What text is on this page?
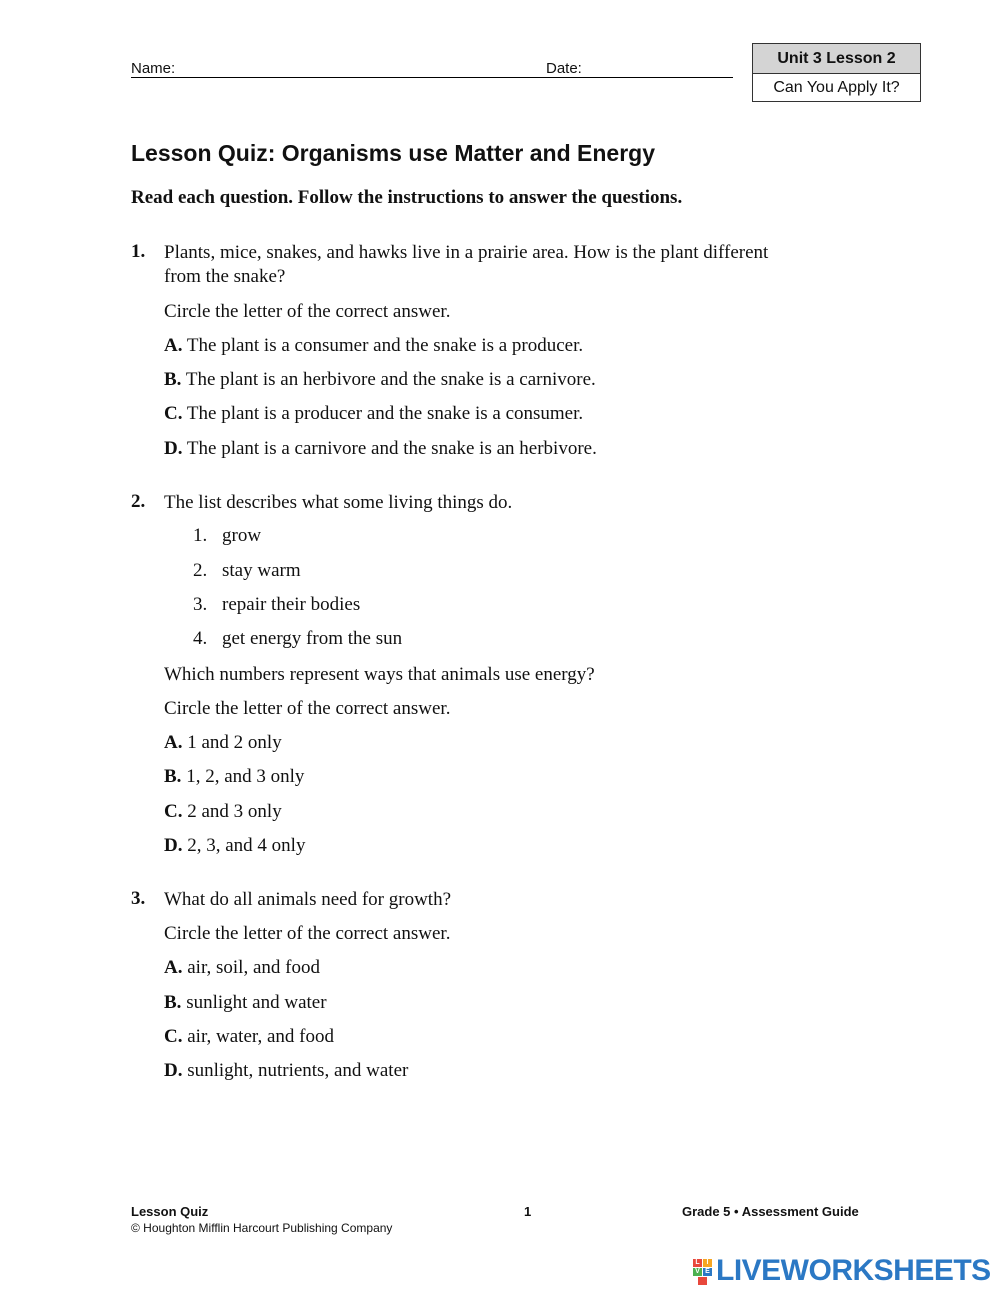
Name:	Date:
Unit 3 Lesson 2
Can You Apply It?
Lesson Quiz: Organisms use Matter and Energy
Read each question. Follow the instructions to answer the questions.
1. Plants, mice, snakes, and hawks live in a prairie area. How is the plant different
from the snake?
Circle the letter of the correct answer.
A. The plant is a consumer and the snake is a producer.
B. The plant is an herbivore and the snake is a carnivore.
C. The plant is a producer and the snake is a consumer.
D. The plant is a carnivore and the snake is an herbivore.
2. The list describes what some living things do.
1. grow
2. stay warm
3. repair their bodies
4. get energy from the sun
Which numbers represent ways that animals use energy?
Circle the letter of the correct answer.
A. 1 and 2 only
B. 1, 2, and 3 only
C. 2 and 3 only
D. 2, 3, and 4 only
3. What do all animals need for growth?
Circle the letter of the correct answer.
A. air, soil, and food
B. sunlight and water
C. air, water, and food
D. sunlight, nutrients, and water
Lesson Quiz
© Houghton Mifflin Harcourt Publishing Company
1	Grade 5 • Assessment Guide
L I
V E LIVEWORKSHEETS
